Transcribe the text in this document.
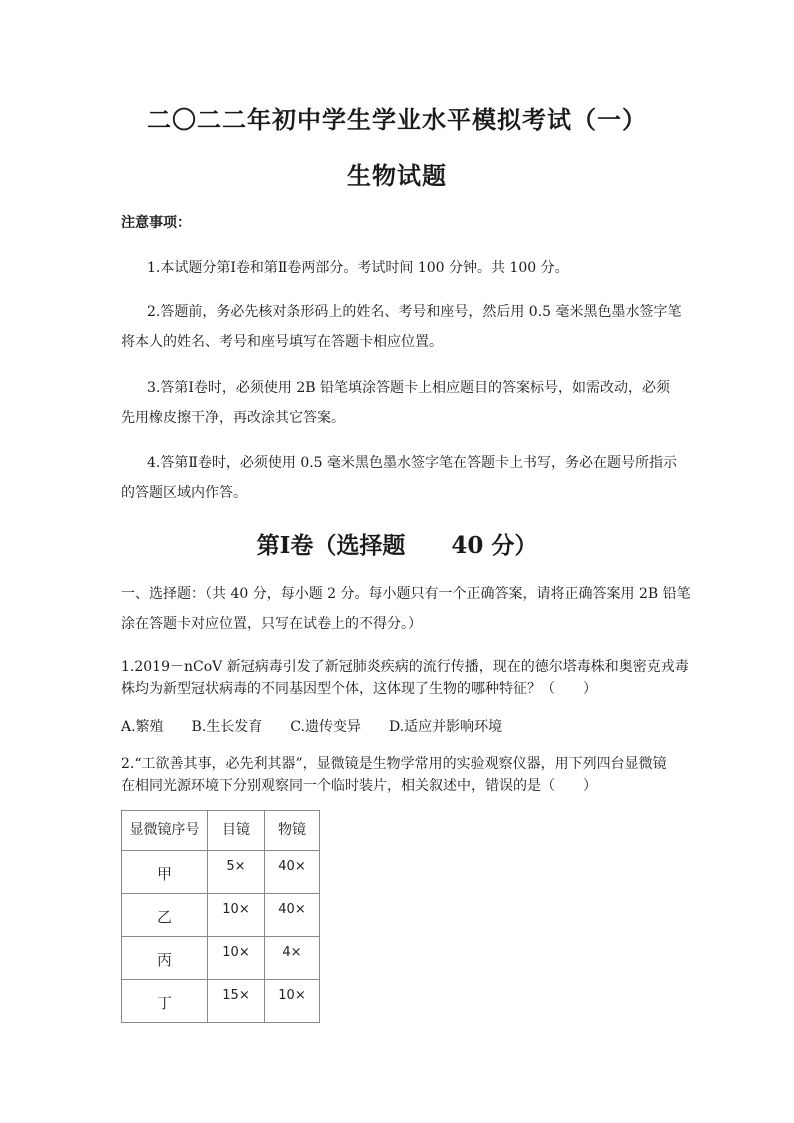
二〇二二年初中学生学业水平模拟考试（一）
生物试题
注意事项：
1.本试题分第Ⅰ卷和第Ⅱ卷两部分。考试时间 100 分钟。共 100 分。
2.答题前，务必先核对条形码上的姓名、考号和座号，然后用 0.5 毫米黑色墨水签字笔
将本人的姓名、考号和座号填写在答题卡相应位置。
3.答第Ⅰ卷时，必须使用 2B 铅笔填涂答题卡上相应题目的答案标号，如需改动，必须
先用橡皮擦干净，再改涂其它答案。
4.答第Ⅱ卷时，必须使用 0.5 毫米黑色墨水签字笔在答题卡上书写，务必在题号所指示
的答题区域内作答。
第Ⅰ卷（选择题　　40 分）
一、选择题：（共 40 分，每小题 2 分。每小题只有一个正确答案，请将正确答案用 2B 铅笔
涂在答题卡对应位置，只写在试卷上的不得分。）
1.2019－nCoV 新冠病毒引发了新冠肺炎疾病的流行传播，现在的德尔塔毒株和奥密克戎毒
株均为新型冠状病毒的不同基因型个体，这体现了生物的哪种特征？（　　）
A.繁殖　　B.生长发育　　C.遗传变异　　D.适应并影响环境
2.“工欲善其事，必先利其器”，显微镜是生物学常用的实验观察仪器，用下列四台显微镜
在相同光源环境下分别观察同一个临时装片，相关叙述中，错误的是（　　）
显微镜序号	目镜	物镜
甲	5×	40×
乙	10×	40×
丙	10×	4×
丁	15×	10×
